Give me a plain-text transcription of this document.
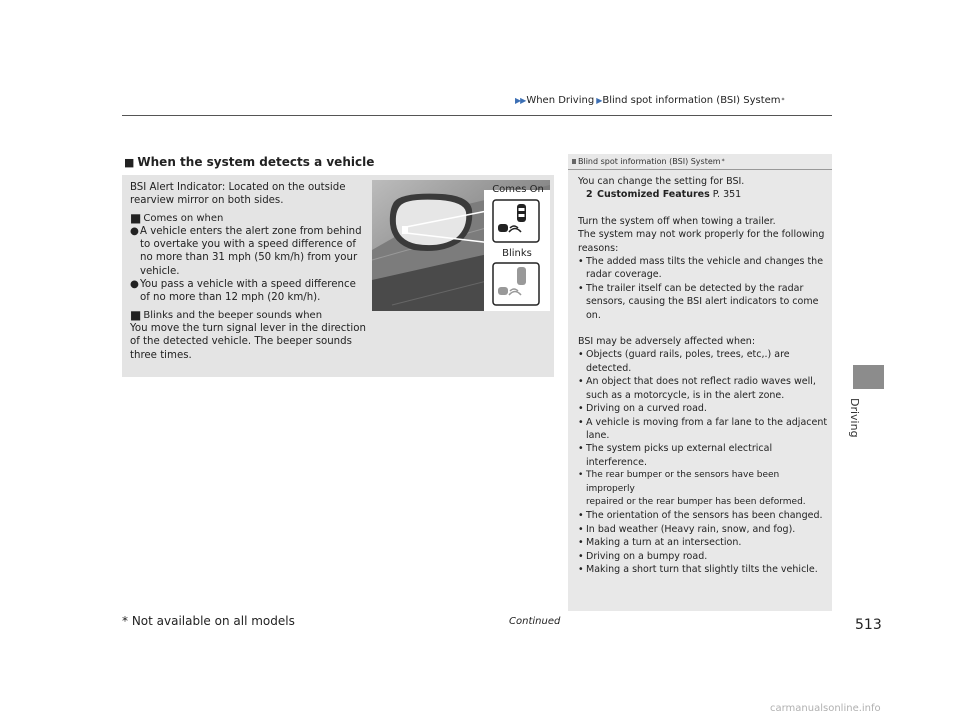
▶▶ When Driving ▶ Blind spot information (BSI) System *
Driving
■ When the system detects a vehicle

BSI Alert Indicator: Located on the outside

rearview mirror on both sides.

■ Comes on when
● A vehicle enters the alert zone from behind

to overtake you with a speed difference of

no more than 31 mph (50 km/h) from your

vehicle.

● You pass a vehicle with a speed difference

of no more than 12 mph (20 km/h).

■ Blinks and the beeper sounds when

You move the turn signal lever in the direction

of the detected vehicle. The beeper sounds

three times.

Comes On
Blinks
Blind spot information (BSI) System *

You can change the setting for BSI.

2 Customized Features P. 351

Turn the system off when towing a trailer.

The system may not work properly for the following

reasons:

• The added mass tilts the vehicle and changes the

radar coverage.

• The trailer itself can be detected by the radar

sensors, causing the BSI alert indicators to come on.

BSI may be adversely affected when:

• Objects (guard rails, poles, trees, etc,.) are

detected.

• An object that does not reflect radio waves well,

such as a motorcycle, is in the alert zone.

• Driving on a curved road.

• A vehicle is moving from a far lane to the adjacent

lane.

• The system picks up external electrical interference.

• The rear bumper or the sensors have been improperly

repaired or the rear bumper has been deformed.

• The orientation of the sensors has been changed.

• In bad weather (Heavy rain, snow, and fog).

• Making a turn at an intersection.

• Driving on a bumpy road.

• Making a short turn that slightly tilts the vehicle.

* Not available on all models	Continued	513
carmanualsonline.info
